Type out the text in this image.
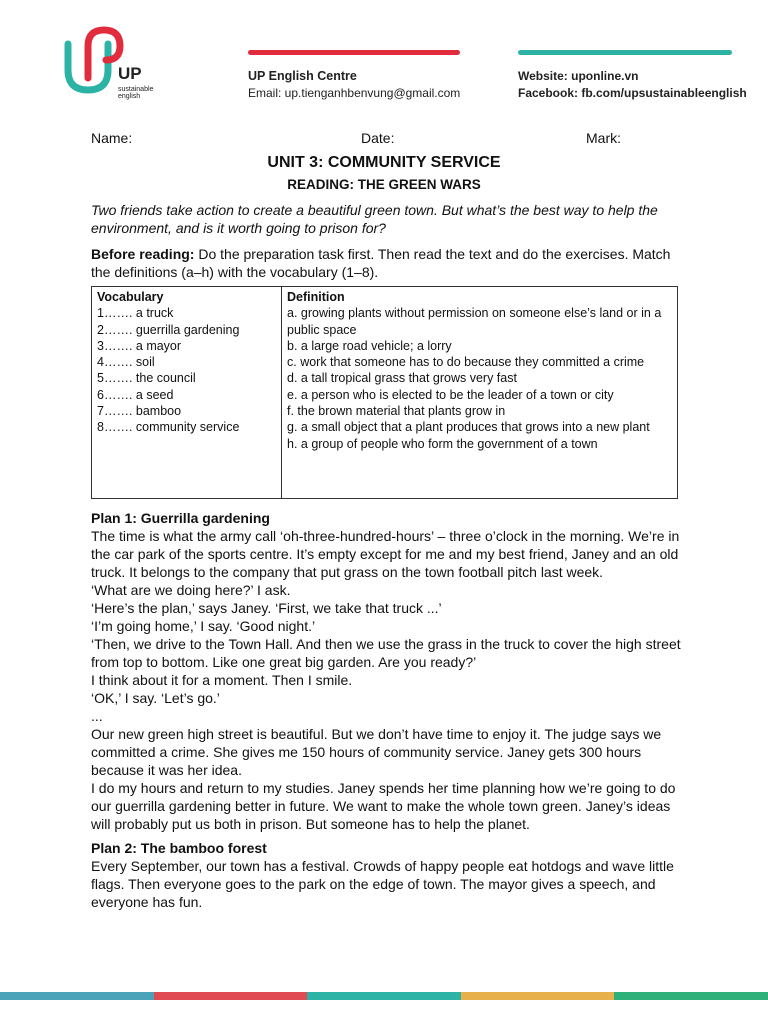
UP
sustainable english
UP English Centre
Email: up.tienganhbenvung@gmail.com
Website: uponline.vn
Facebook: fb.com/upsustainableenglish
Name:	Date:	Mark:
UNIT 3: COMMUNITY SERVICE
READING: THE GREEN WARS
Two friends take action to create a beautiful green town. But what’s the best way to help the environment, and is it worth going to prison for?
Before reading: Do the preparation task first. Then read the text and do the exercises. Match the definitions (a–h) with the vocabulary (1–8).
Vocabulary
1……. a truck
2……. guerrilla gardening
3……. a mayor
4……. soil
5……. the council
6……. a seed
7……. bamboo
8……. community service
Definition
a. growing plants without permission on someone else’s land or in a public space
b. a large road vehicle; a lorry
c. work that someone has to do because they committed a crime
d. a tall tropical grass that grows very fast
e. a person who is elected to be the leader of a town or city
f. the brown material that plants grow in
g. a small object that a plant produces that grows into a new plant
h. a group of people who form the government of a town

Plan 1: Guerrilla gardening

The time is what the army call ‘oh-three-hundred-hours’ – three o’clock in the morning. We’re in the car park of the sports centre. It’s empty except for me and my best friend, Janey and an old truck. It belongs to the company that put grass on the town football pitch last week.

‘What are we doing here?’ I ask.

‘Here’s the plan,’ says Janey. ‘First, we take that truck ...’

‘I’m going home,’ I say. ‘Good night.’

‘Then, we drive to the Town Hall. And then we use the grass in the truck to cover the high street from top to bottom. Like one great big garden. Are you ready?’

I think about it for a moment. Then I smile.

‘OK,’ I say. ‘Let’s go.’

...

Our new green high street is beautiful. But we don’t have time to enjoy it. The judge says we committed a crime. She gives me 150 hours of community service. Janey gets 300 hours because it was her idea.

I do my hours and return to my studies. Janey spends her time planning how we’re going to do our guerrilla gardening better in future. We want to make the whole town green. Janey’s ideas will probably put us both in prison. But someone has to help the planet.

Plan 2: The bamboo forest

Every September, our town has a festival. Crowds of happy people eat hotdogs and wave little flags. Then everyone goes to the park on the edge of town. The mayor gives a speech, and everyone has fun.
